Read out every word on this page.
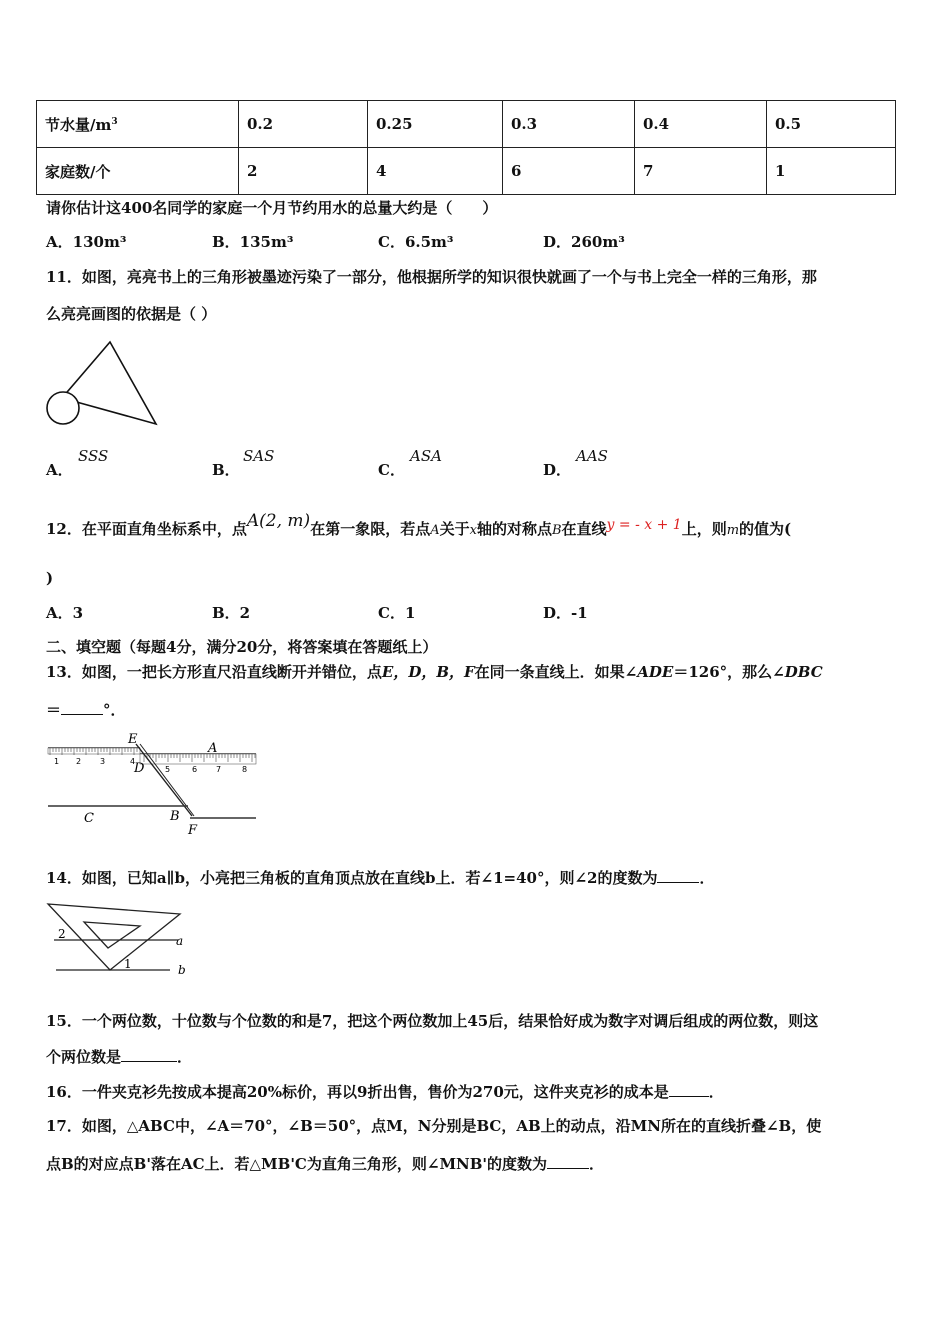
节水量$/m^3$	0.2	0.25	0.3	0.4	0.5
家庭数/个	2	4	6	7	1
请你估计这400名同学的家庭一个月节约用水的总量大约是（　　）
A．130m³	B．135m³	C．6.5m³	D．260m³
11．如图，亮亮书上的三角形被墨迹污染了一部分，他根据所学的知识很快就画了一个与书上完全一样的三角形，那
么亮亮画图的依据是（ ）
A．
SSS
B．
SAS
C．
ASA
D．
AAS
12．在平面直角坐标系中，点A(2, m)在第一象限，若点A关于x轴的对称点B在直线y = - x + 1上，则m的值为(
)
A．3	B．2	C．1	D．-1
二、填空题（每题4分，满分20分，将答案填在答题纸上）
13．如图，一把长方形直尺沿直线断开并错位，点E，D，B，F在同一条直线上．如果∠ADE＝126°，那么∠DBC
＝	°．
1 2 3	4
5	6 7	8
E
A
D
C	B
F
14．如图，已知a∥b，小亮把三角板的直角顶点放在直线b上．若∠1=40°，则∠2的度数为	．
a
b
2
1
15．一个两位数，十位数与个位数的和是7，把这个两位数加上45后，结果恰好成为数字对调后组成的两位数，则这
个两位数是	．
16．一件夹克衫先按成本提高20%标价，再以9折出售，售价为270元，这件夹克衫的成本是	．
17．如图，△ABC中，∠A＝70°，∠B＝50°，点M，N分别是BC，AB上的动点，沿MN所在的直线折叠∠B，使
点B的对应点B'落在AC上．若△MB'C为直角三角形，则∠MNB'的度数为	．
